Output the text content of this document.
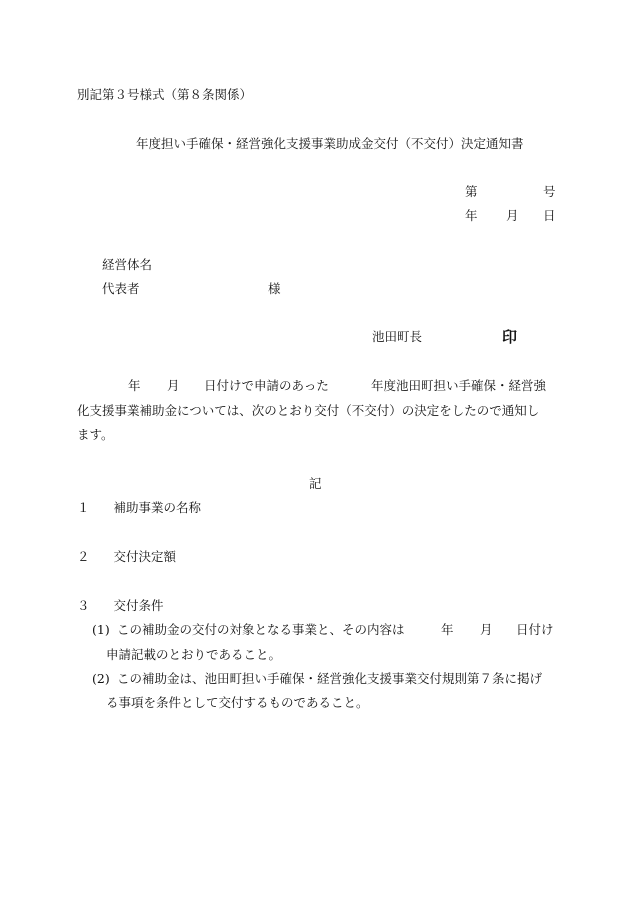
別記第３号様式（第８条関係）
年度担い手確保・経営強化支援事業助成金交付（不交付）決定通知書
第	号
年 月 日
経営体名
代表者	様
池田町長	印
年 月 日付けで申請のあった	年度池田町担い手確保・経営強
化支援事業補助金については、次のとおり交付（不交付）の決定をしたので通知し
ます。
記
１ 補助事業の名称
２ 交付決定額
３ 交付条件
(1) この補助金の交付の対象となる事業と、その内容は	年 月 日付け
申請記載のとおりであること。
(2) この補助金は、池田町担い手確保・経営強化支援事業交付規則第７条に掲げ
る事項を条件として交付するものであること。
